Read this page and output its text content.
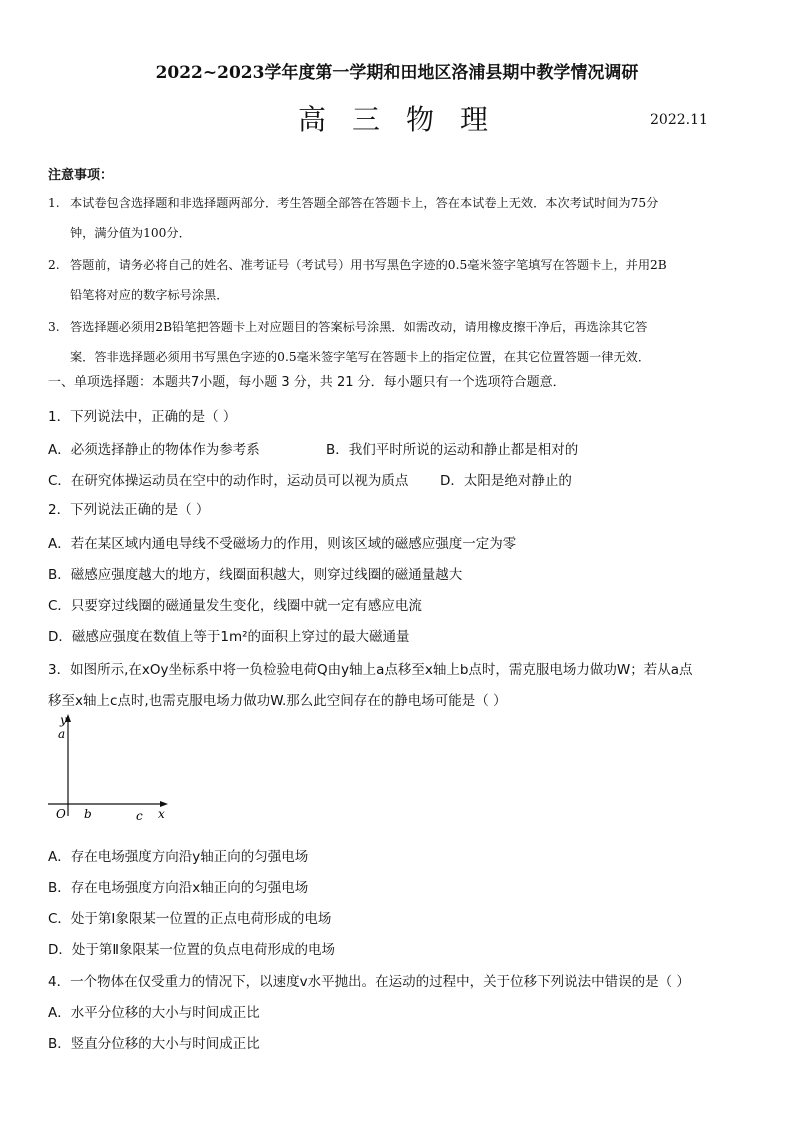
2022~2023学年度第一学期和田地区洛浦县期中教学情况调研
高三物理	2022.11
注意事项：
1. 本试卷包含选择题和非选择题两部分．考生答题全部答在答题卡上，答在本试卷上无效．本次考试时间为75分
钟，满分值为100分．
2. 答题前，请务必将自己的姓名、准考证号（考试号）用书写黑色字迹的0.5毫米签字笔填写在答题卡上，并用2B
铅笔将对应的数字标号涂黑．
3. 答选择题必须用2B铅笔把答题卡上对应题目的答案标号涂黑．如需改动，请用橡皮擦干净后，再选涂其它答
案．答非选择题必须用书写黑色字迹的0.5毫米签字笔写在答题卡上的指定位置，在其它位置答题一律无效．
一、单项选择题：本题共7小题，每小题 3 分，共 21 分．每小题只有一个选项符合题意．
1．下列说法中，正确的是（ ）
A．必须选择静止的物体作为参考系	B．我们平时所说的运动和静止都是相对的
C．在研究体操运动员在空中的动作时，运动员可以视为质点 D．太阳是绝对静止的
2．下列说法正确的是（ ）
A．若在某区域内通电导线不受磁场力的作用，则该区域的磁感应强度一定为零
B．磁感应强度越大的地方，线圈面积越大，则穿过线圈的磁通量越大
C．只要穿过线圈的磁通量发生变化，线圈中就一定有感应电流
D．磁感应强度在数值上等于1m²的面积上穿过的最大磁通量
3．如图所示,在xOy坐标系中将一负检验电荷Q由y轴上a点移至x轴上b点时，需克服电场力做功W；若从a点
移至x轴上c点时,也需克服电场力做功W.那么此空间存在的静电场可能是（ ）
y
a
O b	c x
A．存在电场强度方向沿y轴正向的匀强电场
B．存在电场强度方向沿x轴正向的匀强电场
C．处于第Ⅰ象限某一位置的正点电荷形成的电场
D．处于第Ⅱ象限某一位置的负点电荷形成的电场
4．一个物体在仅受重力的情况下，以速度v水平抛出。在运动的过程中，关于位移下列说法中错误的是（ ）
A．水平分位移的大小与时间成正比
B．竖直分位移的大小与时间成正比
